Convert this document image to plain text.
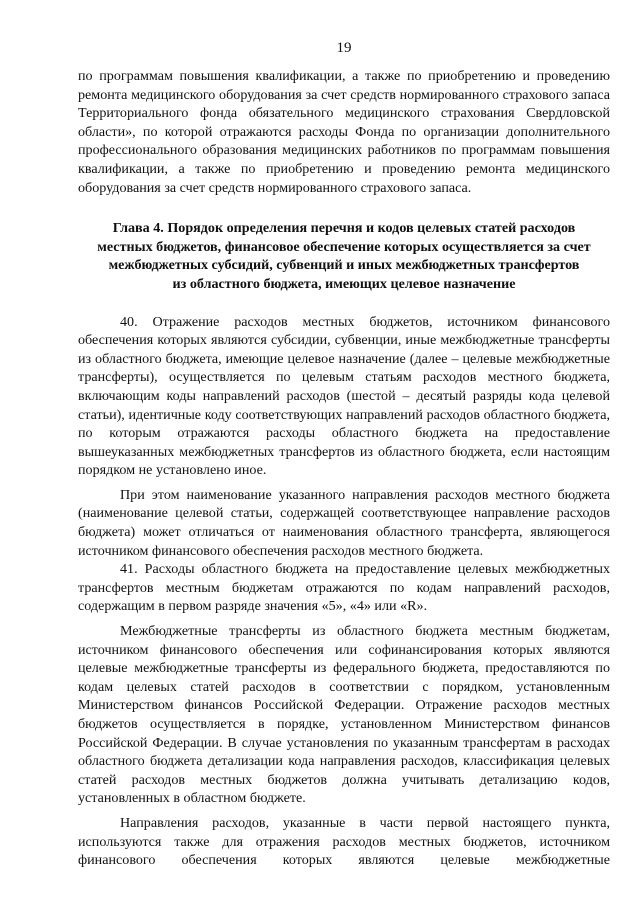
19

по программам повышения квалификации, а также по приобретению и проведению ремонта медицинского оборудования за счет средств нормированного страхового запаса Территориального фонда обязательного медицинского страхования Свердловской области», по которой отражаются расходы Фонда по организации дополнительного профессионального образования медицинских работников по программам повышения квалификации, а также по приобретению и проведению ремонта медицинского оборудования за счет средств нормированного страхового запаса.

Глава 4. Порядок определения перечня и кодов целевых статей расходов
местных бюджетов, финансовое обеспечение которых осуществляется за счет
межбюджетных субсидий, субвенций и иных межбюджетных трансфертов
из областного бюджета, имеющих целевое назначение

40. Отражение расходов местных бюджетов, источником финансового обеспечения которых являются субсидии, субвенции, иные межбюджетные трансферты из областного бюджета, имеющие целевое назначение (далее – целевые межбюджетные трансферты), осуществляется по целевым статьям расходов местного бюджета, включающим коды направлений расходов (шестой – десятый разряды кода целевой статьи), идентичные коду соответствующих направлений расходов областного бюджета, по которым отражаются расходы областного бюджета на предоставление вышеуказанных межбюджетных трансфертов из областного бюджета, если настоящим порядком не установлено иное.

При этом наименование указанного направления расходов местного бюджета (наименование целевой статьи, содержащей соответствующее направление расходов бюджета) может отличаться от наименования областного трансферта, являющегося источником финансового обеспечения расходов местного бюджета.

41. Расходы областного бюджета на предоставление целевых межбюджетных трансфертов местным бюджетам отражаются по кодам направлений расходов, содержащим в первом разряде значения «5», «4» или «R».

Межбюджетные трансферты из областного бюджета местным бюджетам, источником финансового обеспечения или софинансирования которых являются целевые межбюджетные трансферты из федерального бюджета, предоставляются по кодам целевых статей расходов в соответствии с порядком, установленным Министерством финансов Российской Федерации. Отражение расходов местных бюджетов осуществляется в порядке, установленном Министерством финансов Российской Федерации. В случае установления по указанным трансфертам в расходах областного бюджета детализации кода направления расходов, классификация целевых статей расходов местных бюджетов должна учитывать детализацию кодов, установленных в областном бюджете.

Направления расходов, указанные в части первой настоящего пункта, используются также для отражения расходов местных бюджетов, источником финансового обеспечения которых являются целевые межбюджетные
